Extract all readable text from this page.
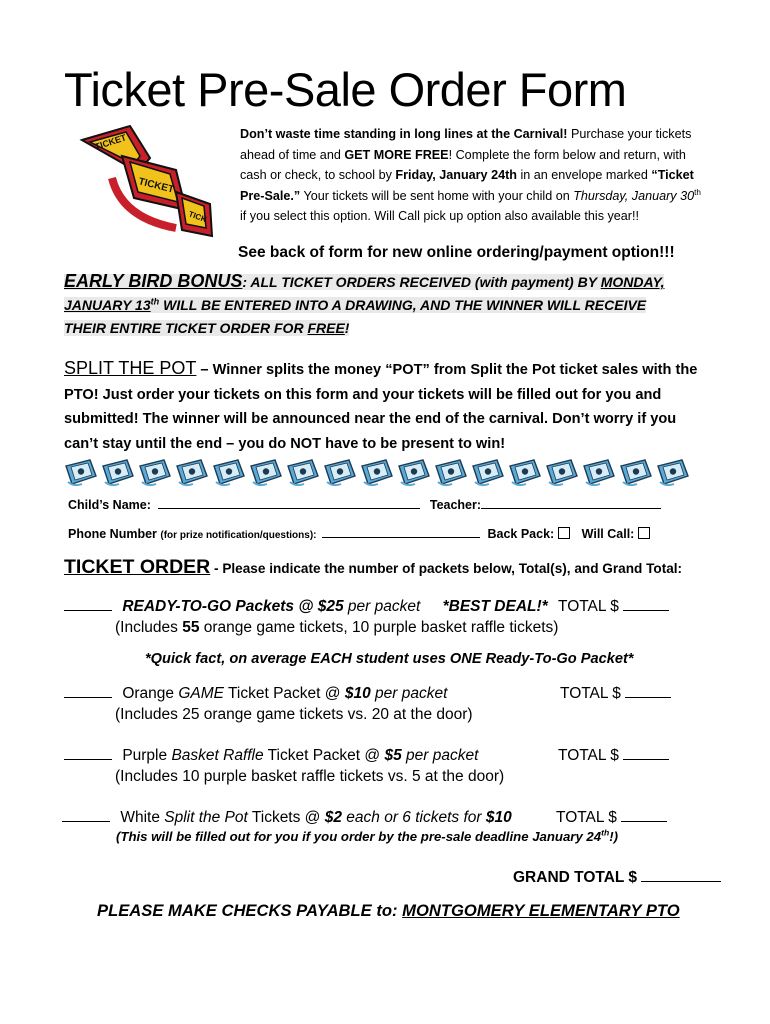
Ticket Pre-Sale Order Form
TICKET
TICKET
TICK
Don’t waste time standing in long lines at the Carnival! Purchase your tickets ahead of time and GET MORE FREE! Complete the form below and return, with cash or check, to school by Friday, January 24th in an envelope marked “Ticket Pre-Sale.” Your tickets will be sent home with your child on Thursday, January 30th if you select this option. Will Call pick up option also available this year!!
See back of form for new online ordering/payment option!!!
EARLY BIRD BONUS: ALL TICKET ORDERS RECEIVED (with payment) BY MONDAY,
JANUARY 13th WILL BE ENTERED INTO A DRAWING, AND THE WINNER WILL RECEIVE
THEIR ENTIRE TICKET ORDER FOR FREE!
SPLIT THE POT – Winner splits the money “POT” from Split the Pot ticket sales with the PTO! Just order your tickets on this form and your tickets will be filled out for you and submitted! The winner will be announced near the end of the carnival. Don’t worry if you can’t stay until the end – you do NOT have to be present to win!
Child’s Name:	Teacher:
Phone Number (for prize notification/questions):	Back Pack: Will Call:
TICKET ORDER - Please indicate the number of packets below, Total(s), and Grand Total:
READY-TO-GO Packets @ $25 per packet *BEST DEAL!* TOTAL $
(Includes 55 orange game tickets, 10 purple basket raffle tickets)
*Quick fact, on average EACH student uses ONE Ready-To-Go Packet*
Orange GAME Ticket Packet @ $10 per packet	TOTAL $
(Includes 25 orange game tickets vs. 20 at the door)
Purple Basket Raffle Ticket Packet @ $5 per packet	TOTAL $
(Includes 10 purple basket raffle tickets vs. 5 at the door)
White Split the Pot Tickets @ $2 each or 6 tickets for $10	TOTAL $
(This will be filled out for you if you order by the pre-sale deadline January 24th!)
GRAND TOTAL $
PLEASE MAKE CHECKS PAYABLE to: MONTGOMERY ELEMENTARY PTO
